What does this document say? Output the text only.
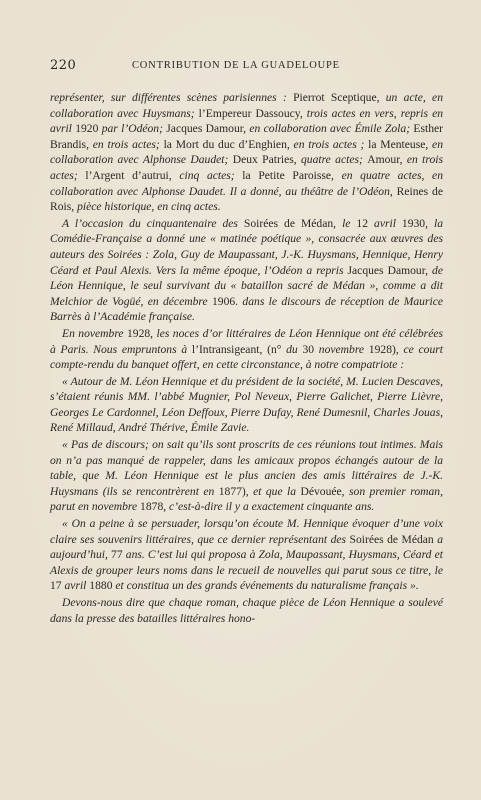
220	CONTRIBUTION DE LA GUADELOUPE

représenter, sur différentes scènes parisiennes : Pierrot Sceptique, un acte, en collaboration avec Huysmans; l’Empereur Dassoucy, trois actes en vers, repris en avril 1920 par l’Odéon; Jacques Damour, en collaboration avec Émile Zola; Esther Brandis, en trois actes; la Mort du duc d’Enghien, en trois actes ; la Menteuse, en collaboration avec Alphonse Daudet; Deux Patries, quatre actes; Amour, en trois actes; l’Argent d’autrui, cinq actes; la Petite Paroisse, en quatre actes, en collaboration avec Alphonse Daudet. Il a donné, au théâtre de l’Odéon, Reines de Rois, pièce historique, en cinq actes.

A l’occasion du cinquantenaire des Soirées de Médan, le 12 avril 1930, la Comédie-Française a donné une « matinée poétique », consacrée aux œuvres des auteurs des Soirées : Zola, Guy de Maupassant, J.-K. Huysmans, Hennique, Henry Céard et Paul Alexis. Vers la même époque, l’Odéon a repris Jacques Damour, de Léon Hennique, le seul survivant du « bataillon sacré de Médan », comme a dit Melchior de Vogüé, en décembre 1906. dans le discours de réception de Maurice Barrès à l’Académie française.

En novembre 1928, les noces d’or littéraires de Léon Hennique ont été célébrées à Paris. Nous empruntons à l’Intransigeant, (n° du 30 novembre 1928), ce court compte-rendu du banquet offert, en cette circonstance, à notre compatriote :

« Autour de M. Léon Hennique et du président de la société, M. Lucien Descaves, s’étaient réunis MM. l’abbé Mugnier, Pol Neveux, Pierre Galichet, Pierre Lièvre, Georges Le Cardonnel, Léon Deffoux, Pierre Dufay, René Dumesnil, Charles Jouas, René Millaud, André Thérive, Émile Zavie.

« Pas de discours; on sait qu’ils sont proscrits de ces réunions tout intimes. Mais on n’a pas manqué de rappeler, dans les amicaux propos échangés autour de la table, que M. Léon Hennique est le plus ancien des amis littéraires de J.-K. Huysmans (ils se rencontrèrent en 1877), et que la Dévouée, son premier roman, parut en novembre 1878, c’est-à-dire il y a exactement cinquante ans.

« On a peine à se persuader, lorsqu’on écoute M. Hennique évoquer d’une voix claire ses souvenirs littéraires, que ce dernier représentant des Soirées de Médan a aujourd’hui, 77 ans. C’est lui qui proposa à Zola, Maupassant, Huysmans, Céard et Alexis de grouper leurs noms dans le recueil de nouvelles qui parut sous ce titre, le 17 avril 1880 et constitua un des grands événements du naturalisme français ».

Devons-nous dire que chaque roman, chaque pièce de Léon Hennique a soulevé dans la presse des batailles littéraires hono-
